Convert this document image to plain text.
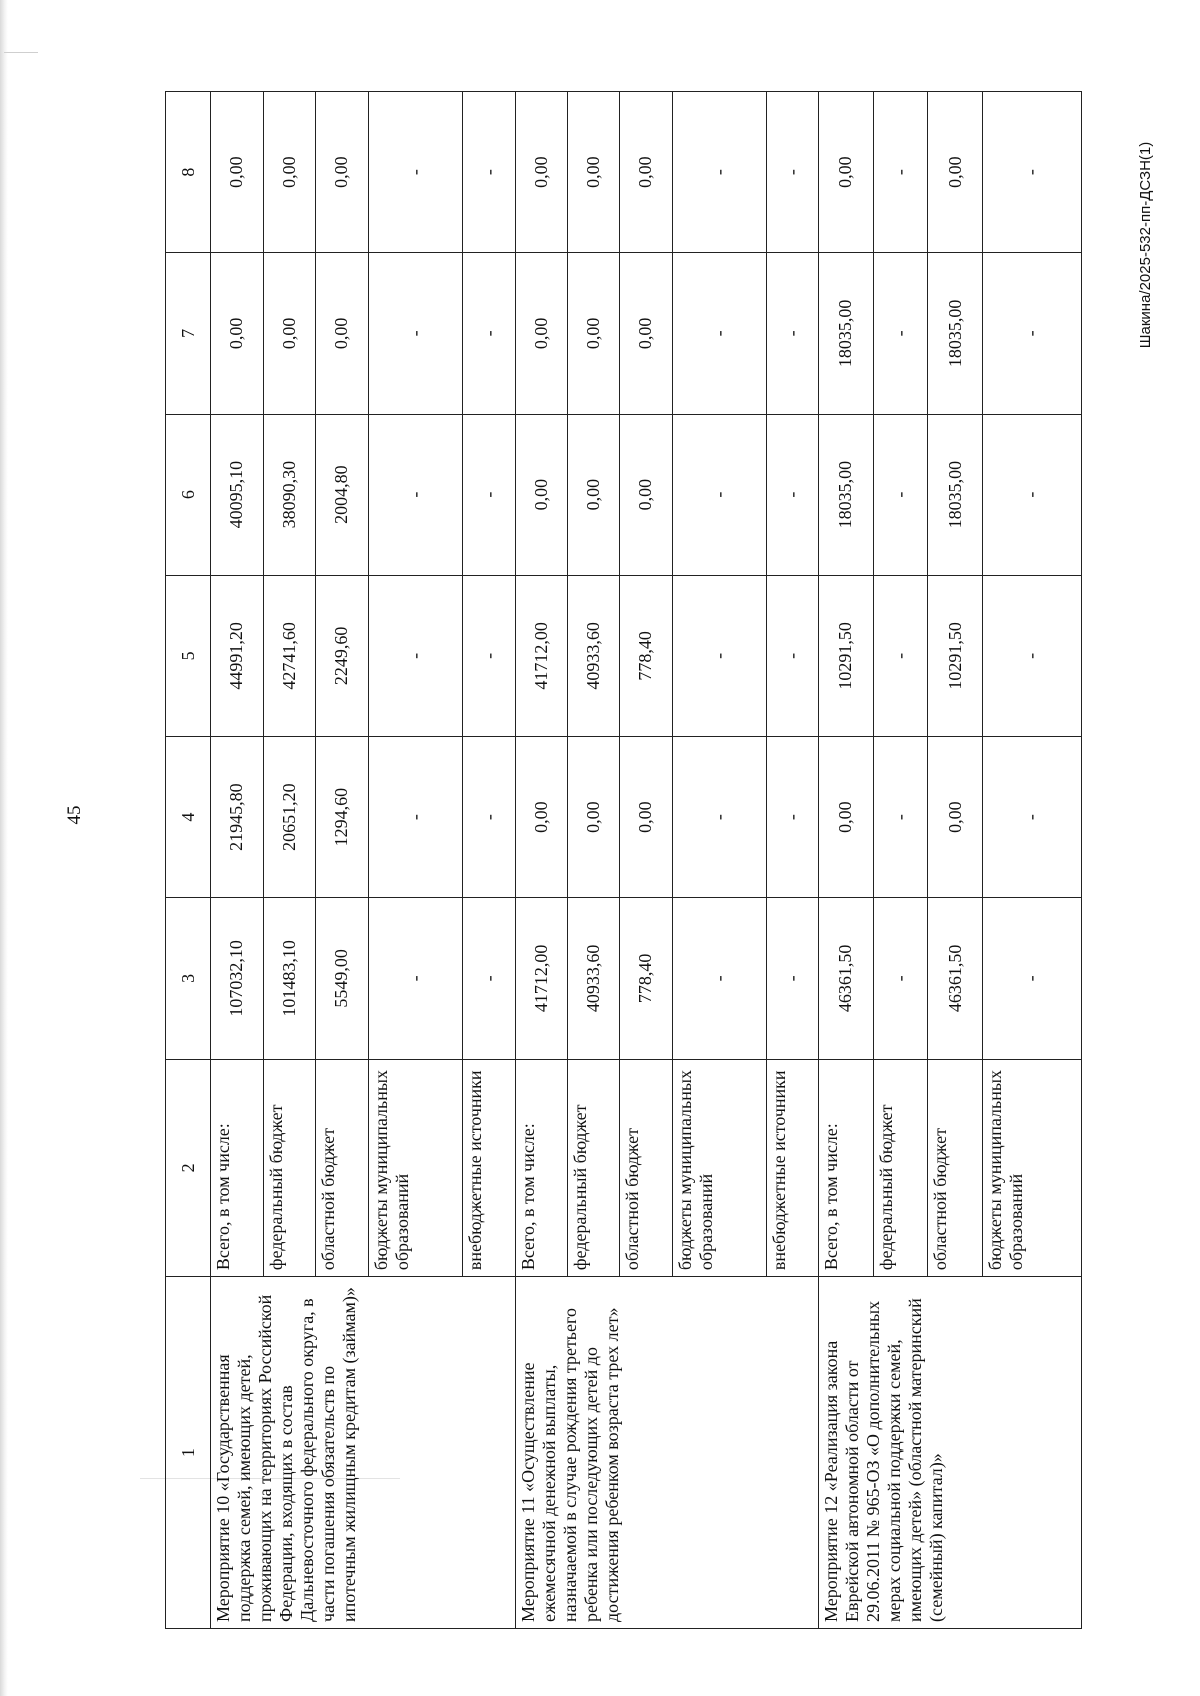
45
Шакина/2025-532-пп-ДСЗН(1)
1	2	3	4	5	6	7	8
Мероприятие 10 «Государственная поддержка семей, имеющих детей, проживающих на территориях Российской Федерации, входящих в состав Дальневосточного федерального округа, в части погашения обязательств по ипотечным жилищным кредитам (займам)»	Всего, в том числе:	107032,10	21945,80	44991,20	40095,10	0,00	0,00
	федеральный бюджет	101483,10	20651,20	42741,60	38090,30	0,00	0,00
	областной бюджет	5549,00	1294,60	2249,60	2004,80	0,00	0,00
	бюджеты муниципальных образований	-	-	-	-	-	-
	внебюджетные источники	-	-	-	-	-	-
Мероприятие 11 «Осуществление ежемесячной денежной выплаты, назначаемой в случае рождения третьего ребенка или последующих детей до достижения ребенком возраста трех лет»	Всего, в том числе:	41712,00	0,00	41712,00	0,00	0,00	0,00
	федеральный бюджет	40933,60	0,00	40933,60	0,00	0,00	0,00
	областной бюджет	778,40	0,00	778,40	0,00	0,00	0,00
	бюджеты муниципальных образований	-	-	-	-	-	-
	внебюджетные источники	-	-	-	-	-	-
Мероприятие 12 «Реализация закона Еврейской автономной области от 29.06.2011 № 965-ОЗ «О дополнительных мерах социальной поддержки семей, имеющих детей» (областной материнский (семейный) капитал)»	Всего, в том числе:	46361,50	0,00	10291,50	18035,00	18035,00	0,00
	федеральный бюджет	-	-	-	-	-	-
	областной бюджет	46361,50	0,00	10291,50	18035,00	18035,00	0,00
	бюджеты муниципальных образований	-	-	-	-	-	-
